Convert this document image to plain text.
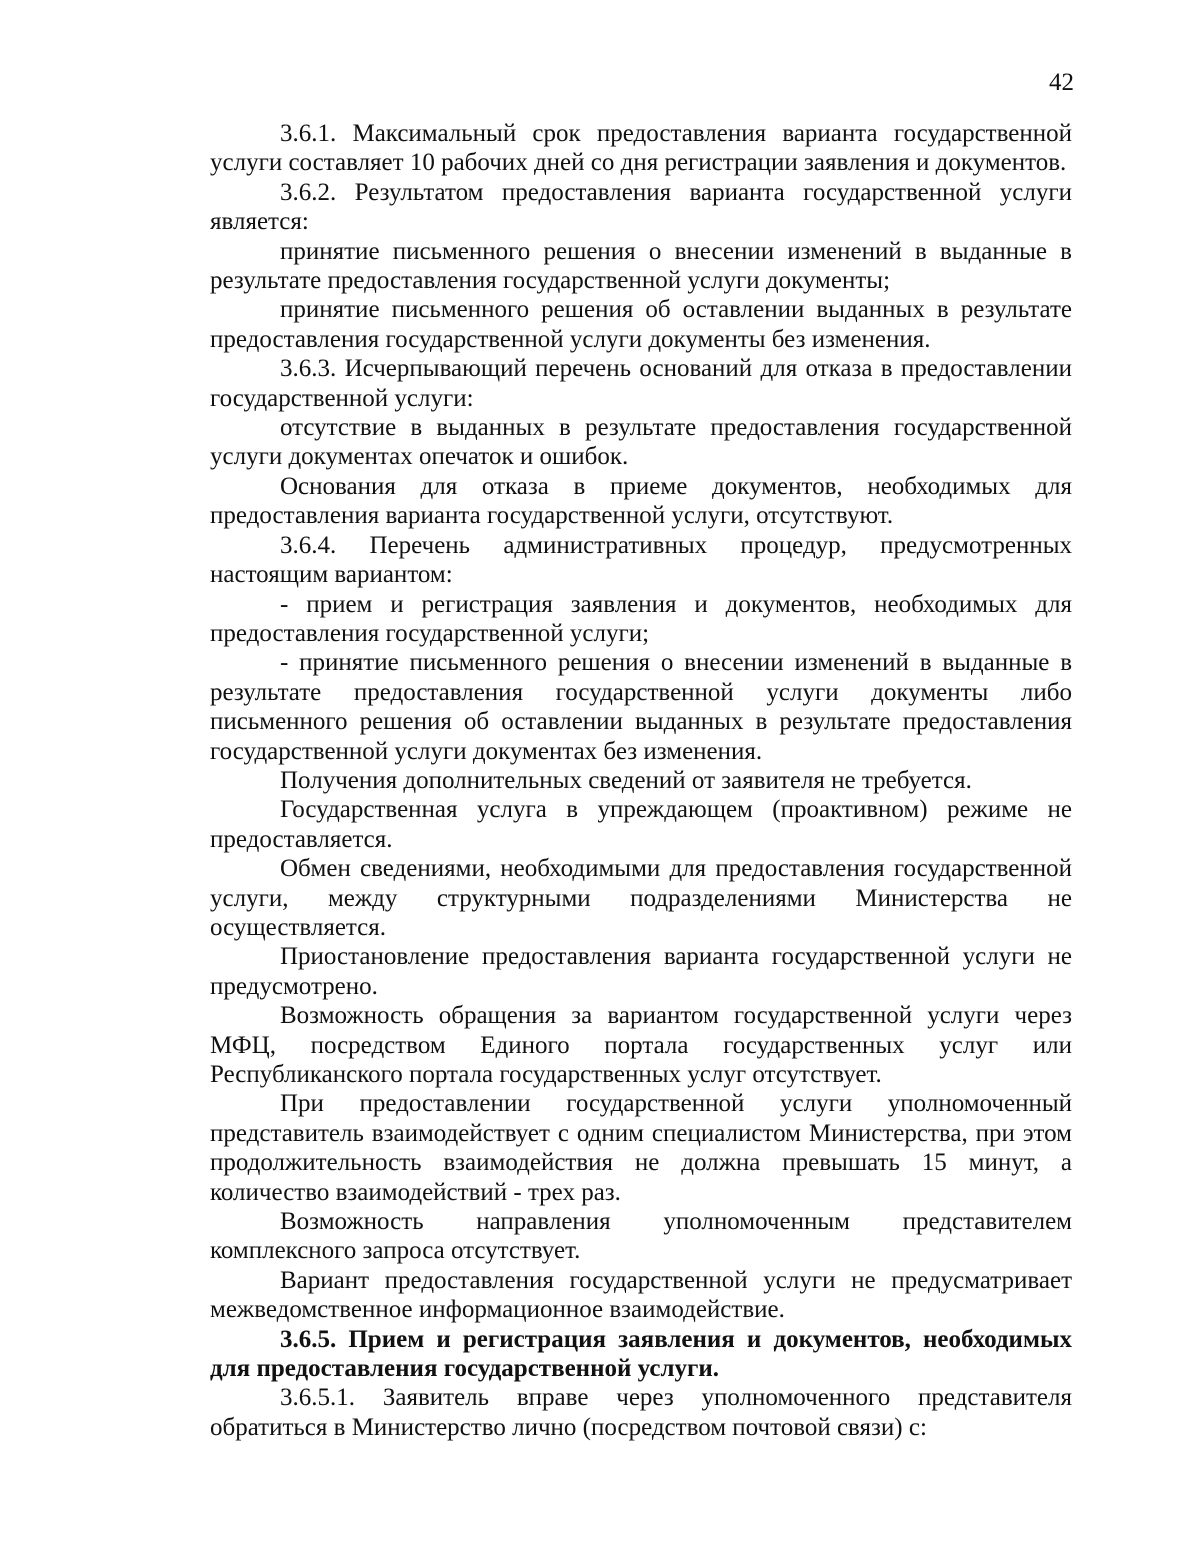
42

3.6.1. Максимальный срок предоставления варианта государственной услуги составляет 10 рабочих дней со дня регистрации заявления и документов.

3.6.2. Результатом предоставления варианта государственной услуги является:

принятие письменного решения о внесении изменений в выданные в результате предоставления государственной услуги документы;

принятие письменного решения об оставлении выданных в результате предоставления государственной услуги документы без изменения.

3.6.3. Исчерпывающий перечень оснований для отказа в предоставлении государственной услуги:

отсутствие в выданных в результате предоставления государственной услуги документах опечаток и ошибок.

Основания для отказа в приеме документов, необходимых для предоставления варианта государственной услуги, отсутствуют.

3.6.4. Перечень административных процедур, предусмотренных настоящим вариантом:

- прием и регистрация заявления и документов, необходимых для предоставления государственной услуги;

- принятие письменного решения о внесении изменений в выданные в результате предоставления государственной услуги документы либо письменного решения об оставлении выданных в результате предоставления государственной услуги документах без изменения.

Получения дополнительных сведений от заявителя не требуется.

Государственная услуга в упреждающем (проактивном) режиме не предоставляется.

Обмен сведениями, необходимыми для предоставления государственной услуги, между структурными подразделениями Министерства не осуществляется.

Приостановление предоставления варианта государственной услуги не предусмотрено.

Возможность обращения за вариантом государственной услуги через МФЦ, посредством Единого портала государственных услуг или Республиканского портала государственных услуг отсутствует.

При предоставлении государственной услуги уполномоченный представитель взаимодействует с одним специалистом Министерства, при этом продолжительность взаимодействия не должна превышать 15 минут, а количество взаимодействий - трех раз.

Возможность направления уполномоченным представителем комплексного запроса отсутствует.

Вариант предоставления государственной услуги не предусматривает межведомственное информационное взаимодействие.

3.6.5. Прием и регистрация заявления и документов, необходимых для предоставления государственной услуги.

3.6.5.1. Заявитель вправе через уполномоченного представителя обратиться в Министерство лично (посредством почтовой связи) с:
